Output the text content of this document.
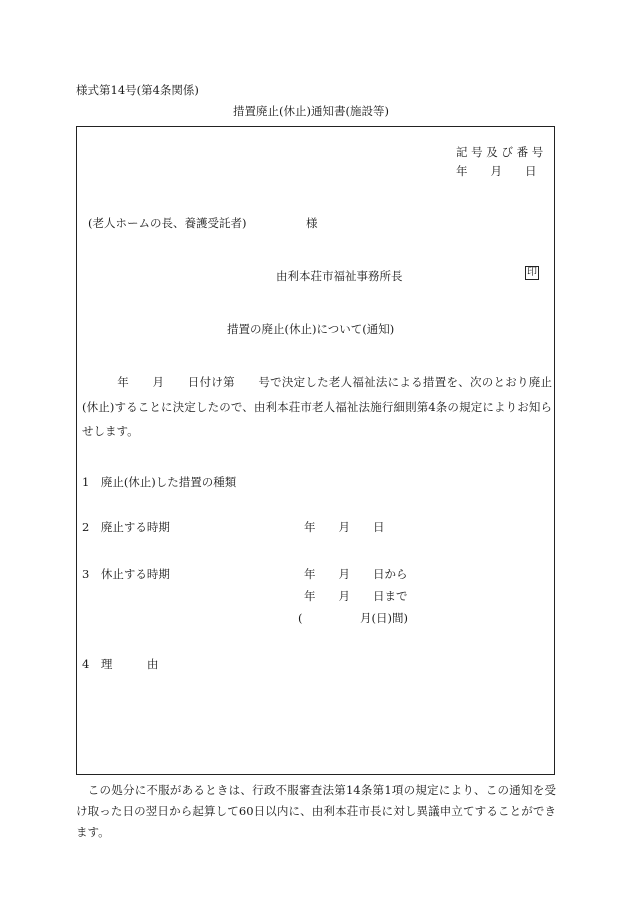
様式第14号(第4条関係)
措置廃止(休止)通知書(施設等)
記 号 及 び 番 号
年　　月　　日
(老人ホームの長、養護受託者)	様
由利本荘市福祉事務所長	印
措置の廃止(休止)について(通知)
　　　年　　月　　日付け第　　号で決定した老人福祉法による措置を、次のとおり廃止(休止)することに決定したので、由利本荘市老人福祉法施行細則第4条の規定によりお知らせします。
1　廃止(休止)した措置の種類
2　廃止する時期	年　　月　　日
3　休止する時期	年　　月　　日から
年　　月　　日まで
(　　　　　月(日)間)
4　理　　　由
　この処分に不服があるときは、行政不服審査法第14条第1項の規定により、この通知を受け取った日の翌日から起算して60日以内に、由利本荘市長に対し異議申立てすることができます。
